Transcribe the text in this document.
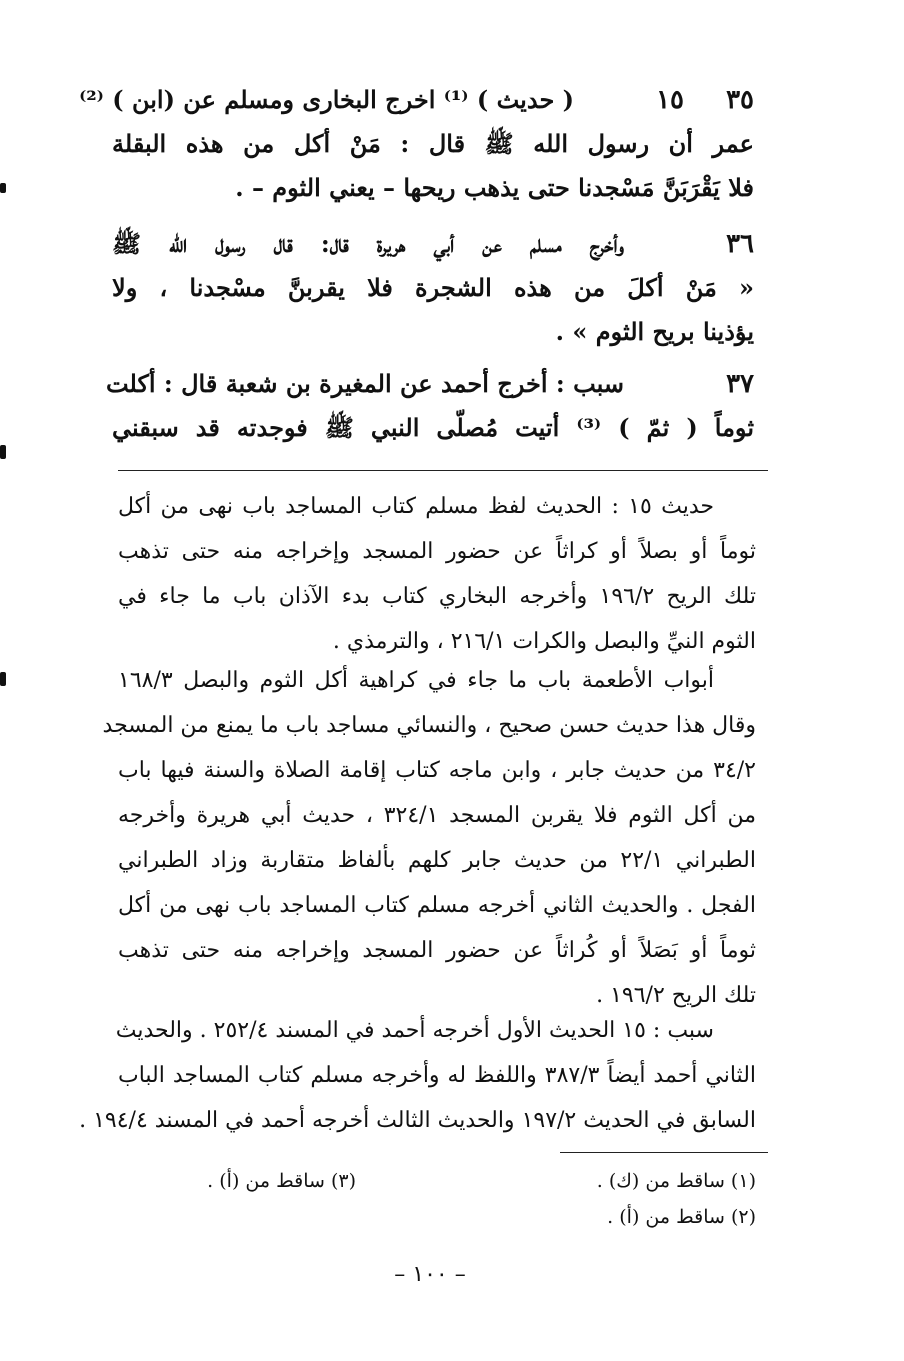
٣٥
١٥
( حديث ) ⁽¹⁾ اخرج البخارى ومسلم عن (ابن ) ⁽²⁾
عمر أن رسول الله ﷺ قال : مَنْ أكل من هذه البقلة
فلا يَقْرَبَنَّ مَسْجدنا حتى يذهب ريحها – يعني الثوم – .
٣٦
وأخرج مسلم عن أبي هريرة قال: قال رسول الله ﷺ
« مَنْ أكلَ من هذه الشجرة فلا يقربنَّ مسْجدنا ، ولا
يؤذينا بريح الثوم » .
٣٧
سبب : أخرج أحمد عن المغيرة بن شعبة قال : أكلت
ثوماً ( ثمّ ) ⁽³⁾ أتيت مُصلّى النبي ﷺ فوجدته قد سبقني
حديث ١٥ : الحديث لفظ مسلم كتاب المساجد باب نهى من أكل
ثوماً أو بصلاً أو كراثاً عن حضور المسجد وإخراجه منه حتى تذهب
تلك الريح ١٩٦/٢ وأخرجه البخاري كتاب بدء الآذان باب ما جاء في
الثوم النيِّ والبصل والكرات ٢١٦/١ ، والترمذي .
أبواب الأطعمة باب ما جاء في كراهية أكل الثوم والبصل ١٦٨/٣
وقال هذا حديث حسن صحيح ، والنسائي مساجد باب ما يمنع من المسجد
٣٤/٢ من حديث جابر ، وابن ماجه كتاب إقامة الصلاة والسنة فيها باب
من أكل الثوم فلا يقربن المسجد ٣٢٤/١ ، حديث أبي هريرة وأخرجه
الطبراني ٢٢/١ من حديث جابر كلهم بألفاظ متقاربة وزاد الطبراني
الفجل . والحديث الثاني أخرجه مسلم كتاب المساجد باب نهى من أكل
ثوماً أو بَصَلاً أو كُراثاً عن حضور المسجد وإخراجه منه حتى تذهب
تلك الريح ١٩٦/٢ .
سبب : ١٥ الحديث الأول أخرجه أحمد في المسند ٢٥٢/٤ . والحديث
الثاني أحمد أيضاً ٣٨٧/٣ واللفظ له وأخرجه مسلم كتاب المساجد الباب
السابق في الحديث ١٩٧/٢ والحديث الثالث أخرجه أحمد في المسند ١٩٤/٤ .
(١) ساقط من (ك) .
(٢) ساقط من (أ) .
(٣) ساقط من (أ) .
– ١٠٠ –
